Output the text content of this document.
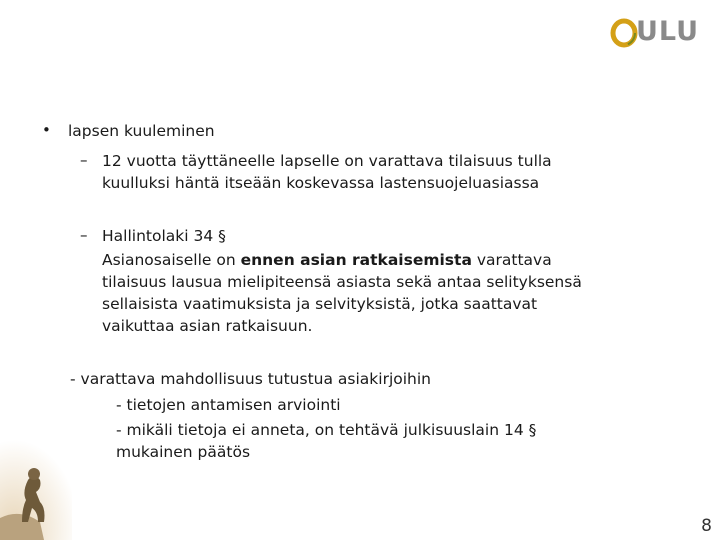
ULU
• lapsen kuuleminen
– 12 vuotta täyttäneelle lapselle on varattava tilaisuus tulla
kuulluksi häntä itseään koskevassa lastensuojeluasiassa
– Hallintolaki 34 §
Asianosaiselle on ennen asian ratkaisemista varattava
tilaisuus lausua mielipiteensä asiasta sekä antaa selityksensä
sellaisista vaatimuksista ja selvityksistä, jotka saattavat
vaikuttaa asian ratkaisuun.
- varattava mahdollisuus tutustua asiakirjoihin
- tietojen antamisen arviointi
- mikäli tietoja ei anneta, on tehtävä julkisuuslain 14 §
mukainen päätös
8
